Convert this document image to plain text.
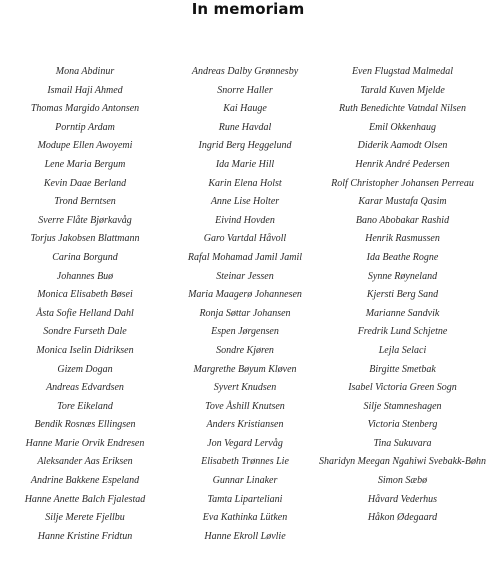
In memoriam
Mona Abdinur
Ismail Haji Ahmed
Thomas Margido Antonsen
Porntip Ardam
Modupe Ellen Awoyemi
Lene Maria Bergum
Kevin Daae Berland
Trond Berntsen
Sverre Flåte Bjørkavåg
Torjus Jakobsen Blattmann
Carina Borgund
Johannes Buø
Monica Elisabeth Bøsei
Åsta Sofie Helland Dahl
Sondre Furseth Dale
Monica Iselin Didriksen
Gizem Dogan
Andreas Edvardsen
Tore Eikeland
Bendik Rosnæs Ellingsen
Hanne Marie Orvik Endresen
Aleksander Aas Eriksen
Andrine Bakkene Espeland
Hanne Anette Balch Fjalestad
Silje Merete Fjellbu
Hanne Kristine Fridtun
Andreas Dalby Grønnesby
Snorre Haller
Kai Hauge
Rune Havdal
Ingrid Berg Heggelund
Ida Marie Hill
Karin Elena Holst
Anne Lise Holter
Eivind Hovden
Garo Vartdal Håvoll
Rafal Mohamad Jamil Jamil
Steinar Jessen
Maria Maagerø Johannesen
Ronja Søttar Johansen
Espen Jørgensen
Sondre Kjøren
Margrethe Bøyum Kløven
Syvert Knudsen
Tove Åshill Knutsen
Anders Kristiansen
Jon Vegard Lervåg
Elisabeth Trønnes Lie
Gunnar Linaker
Tamta Liparteliani
Eva Kathinka Lütken
Hanne Ekroll Løvlie
Even Flugstad Malmedal
Tarald Kuven Mjelde
Ruth Benedichte Vatndal Nilsen
Emil Okkenhaug
Diderik Aamodt Olsen
Henrik André Pedersen
Rolf Christopher Johansen Perreau
Karar Mustafa Qasim
Bano Abobakar Rashid
Henrik Rasmussen
Ida Beathe Rogne
Synne Røyneland
Kjersti Berg Sand
Marianne Sandvik
Fredrik Lund Schjetne
Lejla Selaci
Birgitte Smetbak
Isabel Victoria Green Sogn
Silje Stamneshagen
Victoria Stenberg
Tina Sukuvara
Sharidyn Meegan Ngahiwi Svebakk-Bøhn
Simon Sæbø
Håvard Vederhus
Håkon Ødegaard
